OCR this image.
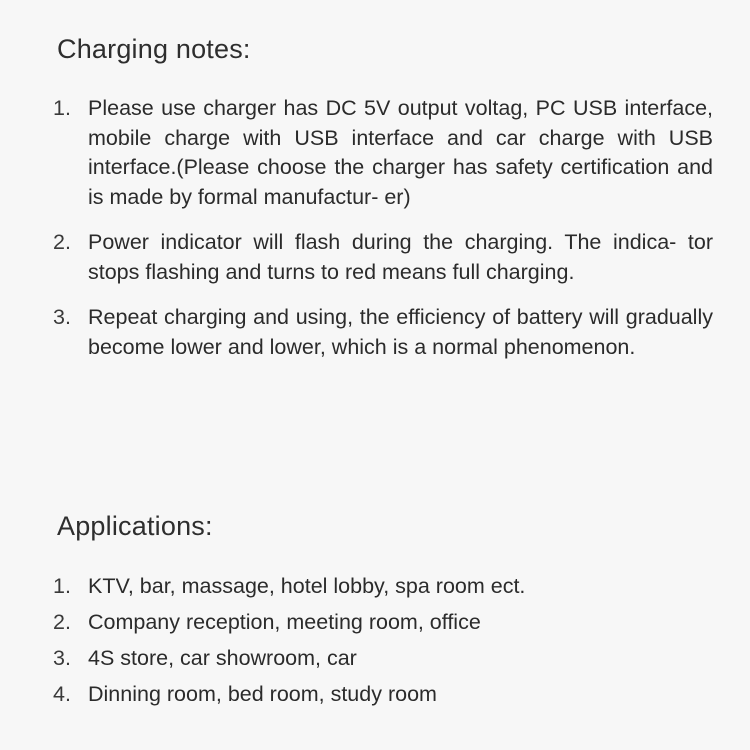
Charging notes:
1. Please use charger has DC 5V output voltag, PC USB interface, mobile charge with USB interface and car charge with USB interface.(Please choose the charger has safety certification and is made by formal manufactur- er)
2. Power indicator will flash during the charging. The indica- tor stops flashing and turns to red means full charging.
3. Repeat charging and using, the efficiency of battery will gradually become lower and lower, which is a normal phenomenon.
Applications:
1. KTV, bar, massage, hotel lobby, spa room ect.
2. Company reception, meeting room, office
3. 4S store, car showroom, car
4. Dinning room, bed room, study room
